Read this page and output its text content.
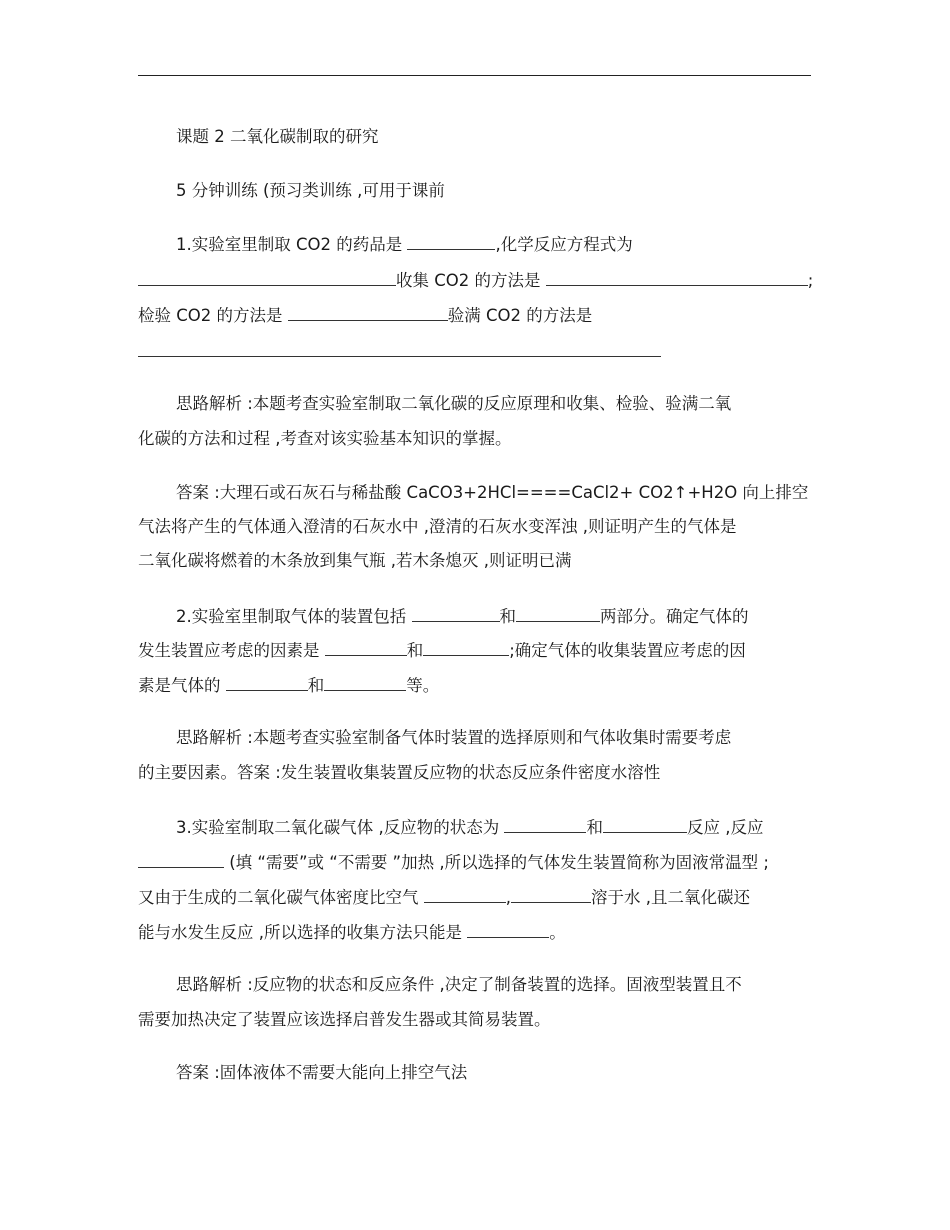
课题 2 二氧化碳制取的研究
5 分钟训练 (预习类训练 ,可用于课前
1.实验室里制取 CO2 的药品是	,化学反应方程式为
收集 CO2 的方法是	;
检验 CO2 的方法是	验满 CO2 的方法是
思路解析 :本题考查实验室制取二氧化碳的反应原理和收集、检验、验满二氧
化碳的方法和过程 ,考查对该实验基本知识的掌握。
答案 :大理石或石灰石与稀盐酸 CaCO3+2HCl====CaCl2+ CO2↑+H2O 向上排空
气法将产生的气体通入澄清的石灰水中 ,澄清的石灰水变浑浊 ,则证明产生的气体是
二氧化碳将燃着的木条放到集气瓶 ,若木条熄灭 ,则证明已满
2.实验室里制取气体的装置包括	和	两部分。确定气体的
发生装置应考虑的因素是	和	;确定气体的收集装置应考虑的因
素是气体的	和	等。
思路解析 :本题考查实验室制备气体时装置的选择原则和气体收集时需要考虑
的主要因素。答案 :发生装置收集装置反应物的状态反应条件密度水溶性
3.实验室制取二氧化碳气体 ,反应物的状态为	和	反应 ,反应
(填 “需要”或 “不需要 ”加热 ,所以选择的气体发生装置简称为固液常温型 ;
又由于生成的二氧化碳气体密度比空气	,	溶于水 ,且二氧化碳还
能与水发生反应 ,所以选择的收集方法只能是	。
思路解析 :反应物的状态和反应条件 ,决定了制备装置的选择。固液型装置且不
需要加热决定了装置应该选择启普发生器或其简易装置。
答案 :固体液体不需要大能向上排空气法
